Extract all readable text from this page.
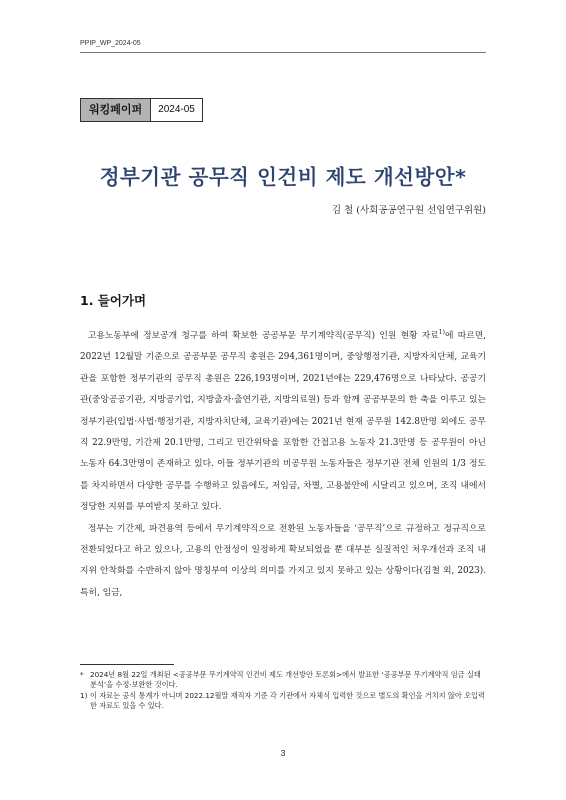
PPIP_WP_2024-05
워킹페이퍼	2024-05
정부기관 공무직 인건비 제도 개선방안*
김 철 (사회공공연구원 선임연구위원)
1. 들어가며

고용노동부에 정보공개 청구를 하여 확보한 공공부문 무기계약직(공무직) 인원 현황 자료$^{1)}$에 따르면, 2022년 12월말 기준으로 공공부문 공무직 총원은 294,361명이며, 중앙행정기관, 지방자치단체, 교육기관을 포함한 정부기관의 공무직 총원은 226,193명이며, 2021년에는 229,476명으로 나타났다. 공공기관(중앙공공기관, 지방공기업, 지방출자·출연기관, 지방의료원) 등과 함께 공공부문의 한 축을 이루고 있는 정부기관(입법·사법·행정기관, 지방자치단체, 교육기관)에는 2021년 현재 공무원 142.8만명 외에도 공무직 22.9만명, 기간제 20.1만명, 그리고 민간위탁을 포함한 간접고용 노동자 21.3만명 등 공무원이 아닌 노동자 64.3만명이 존재하고 있다. 이들 정부기관의 비공무원 노동자들은 정부기관 전체 인원의 1/3 정도를 차지하면서 다양한 공무를 수행하고 있음에도, 저임금, 차별, 고용불안에 시달리고 있으며, 조직 내에서 정당한 지위를 부여받지 못하고 있다.

정부는 기간제, 파견용역 등에서 무기계약직으로 전환된 노동자들을 ‘공무직’으로 규정하고 정규직으로 전환되었다고 하고 있으나, 고용의 안정성이 일정하게 확보되었을 뿐 대부분 실질적인 처우개선과 조직 내 지위 안착화를 수반하지 않아 명칭부여 이상의 의미를 가지고 있지 못하고 있는 상황이다(김철 외, 2023). 특히, 임금,

* 2024년 8월 22일 개최된 <공공부문 무기계약직 인건비 제도 개선방안 토론회>에서 발표한 ‘공공부문 무기계약직 임금 실태 분석’을 수정·보완한 것이다.
1) 이 자료는 공식 통계가 아니며 2022.12월말 재직자 기준 각 기관에서 자체식 입력한 것으로 별도의 확인을 거치지 않아 오입력한 자료도 있을 수 있다.
3
